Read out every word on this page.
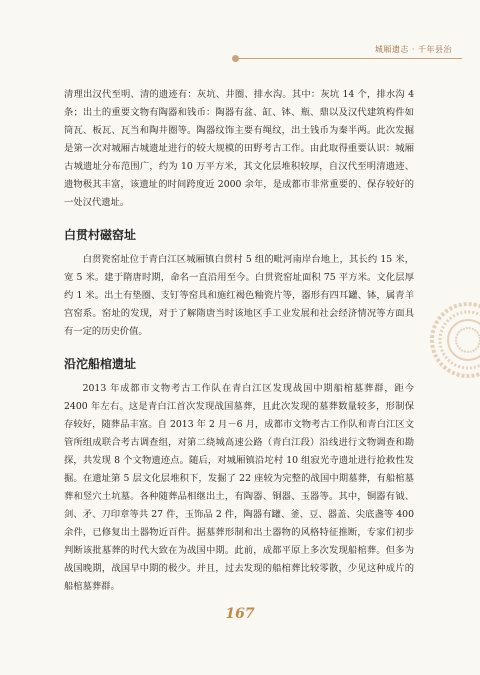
城厢遗志 · 千年县治

清理出汉代至明、清的遗迹有：灰坑、井圈、排水沟。其中：灰坑 14 个，排水沟 4 条；出土的重要文物有陶器和钱币：陶器有盆、缸、钵、瓶、鼎以及汉代建筑构件如筒瓦、板瓦、瓦当和陶井圈等。陶器纹饰主要有绳纹，出土钱币为秦半两。此次发掘是第一次对城厢古城遗址进行的较大规模的田野考古工作。由此取得重要认识：城厢古城遗址分布范围广，约为 10 万平方米，其文化层堆积较厚，自汉代至明清遗迹、遗物极其丰富，该遗址的时间跨度近 2000 余年，是成都市非常重要的、保存较好的一处汉代遗址。

白贯村磁窑址

白贯瓷窑址位于青白江区城厢镇白贯村 5 组的毗河南岸台地上，其长约 15 米，宽 5 米。建于隋唐时期，命名一直沿用至今。白贯瓷窑址面积 75 平方米。文化层厚约 1 米。出土有垫圈、支钉等窑具和施红褐色釉瓷片等，器形有四耳罐、钵，属青羊宫窑系。窑址的发现，对于了解隋唐当时该地区手工业发展和社会经济情况等方面具有一定的历史价值。

沿沱船棺遗址

2013 年成都市文物考古工作队在青白江区发现战国中期船棺墓葬群，距今 2400 年左右。这是青白江首次发现战国墓葬，且此次发现的墓葬数量较多，形制保存较好，随葬品丰富。自 2013 年 2 月－6 月，成都市文物考古工作队和青白江区文管所组成联合考古调查组，对第二绕城高速公路（青白江段）沿线进行文物调查和勘探，共发现 8 个文物遗迹点。随后，对城厢镇沿坨村 10 组寂光寺遗址进行抢救性发掘。在遗址第 5 层文化层堆积下，发掘了 22 座较为完整的战国中期墓葬，有船棺墓葬和竖穴土坑墓。各种随葬品相继出土，有陶器、铜器、玉器等。其中，铜器有钺、剑、矛、刀印章等共 27 件，玉饰品 2 件，陶器有罐、釜、豆、器盖、尖底盏等 400 余件，已修复出土器物近百件。据墓葬形制和出土器物的风格特征推断，专家们初步判断该批墓葬的时代大致在为战国中期。此前，成都平原上多次发现船棺葬。但多为战国晚期，战国早中期的极少。并且，过去发现的船棺葬比较零散，少见这种成片的船棺墓葬群。

167
